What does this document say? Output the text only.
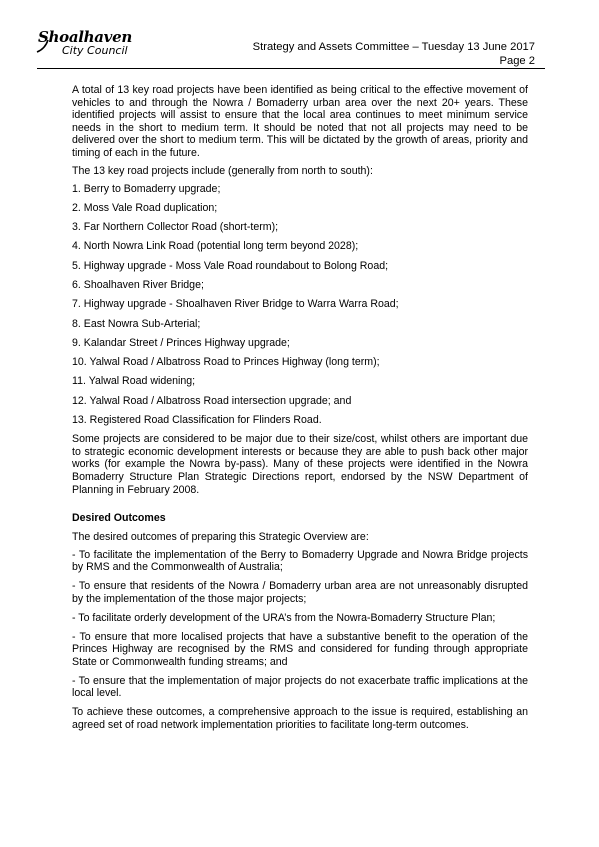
Shoalhaven
City Council	Strategy and Assets Committee – Tuesday 13 June 2017
Page 2

A total of 13 key road projects have been identified as being critical to the effective movement of vehicles to and through the Nowra / Bomaderry urban area over the next 20+ years. These identified projects will assist to ensure that the local area continues to meet minimum service needs in the short to medium term. It should be noted that not all projects may need to be delivered over the short to medium term. This will be dictated by the growth of areas, priority and timing of each in the future.

The 13 key road projects include (generally from north to south):

1. Berry to Bomaderry upgrade;

2. Moss Vale Road duplication;

3. Far Northern Collector Road (short-term);

4. North Nowra Link Road (potential long term beyond 2028);

5. Highway upgrade - Moss Vale Road roundabout to Bolong Road;

6. Shoalhaven River Bridge;

7. Highway upgrade - Shoalhaven River Bridge to Warra Warra Road;

8. East Nowra Sub-Arterial;

9. Kalandar Street / Princes Highway upgrade;

10. Yalwal Road / Albatross Road to Princes Highway (long term);

11. Yalwal Road widening;

12. Yalwal Road / Albatross Road intersection upgrade; and

13. Registered Road Classification for Flinders Road.

Some projects are considered to be major due to their size/cost, whilst others are important due to strategic economic development interests or because they are able to push back other major works (for example the Nowra by-pass). Many of these projects were identified in the Nowra Bomaderry Structure Plan Strategic Directions report, endorsed by the NSW Department of Planning in February 2008.

Desired Outcomes

The desired outcomes of preparing this Strategic Overview are:

- To facilitate the implementation of the Berry to Bomaderry Upgrade and Nowra Bridge projects by RMS and the Commonwealth of Australia;

- To ensure that residents of the Nowra / Bomaderry urban area are not unreasonably disrupted by the implementation of the those major projects;

- To facilitate orderly development of the URA’s from the Nowra-Bomaderry Structure Plan;

- To ensure that more localised projects that have a substantive benefit to the operation of the Princes Highway are recognised by the RMS and considered for funding through appropriate State or Commonwealth funding streams; and

- To ensure that the implementation of major projects do not exacerbate traffic implications at the local level.

To achieve these outcomes, a comprehensive approach to the issue is required, establishing an agreed set of road network implementation priorities to facilitate long-term outcomes.
